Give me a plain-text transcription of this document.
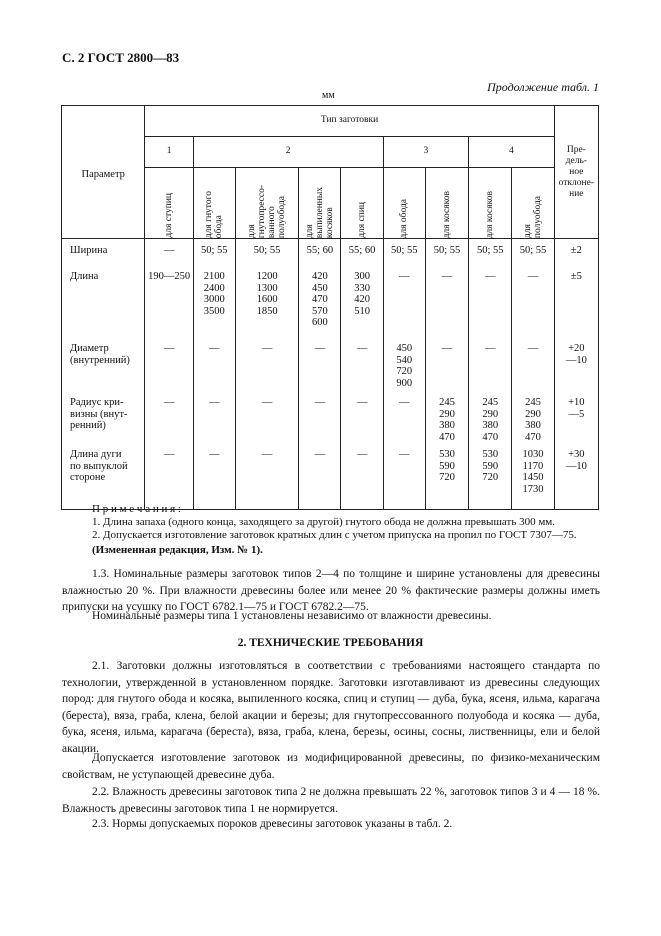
С. 2 ГОСТ 2800—83
Продолжение табл. 1
мм
Параметр	Тип заготовки									Пре-
дель-
ное
отклоне-
ние
	1	2				3		4		

	для ступиц	для гнутого
обода	для
гнутопрессо-
ванного
полуобода	для
выпиленных
косяков	для спиц	для обода	для косяков	для косяков	для
полуобода	

Ширина	—	50; 55	50; 55	55; 60	55; 60	50; 55	50; 55	50; 55	50; 55	±2
Длина	190—250	2100
2400
3000
3500	1200
1300
1600
1850	420
450
470
570
600	300
330
420
510	—	—	—	—	±5
Диаметр
(внутренний)	—	—	—	—	—	450
540
720
900	—	—	—	+20
—10
Радиус кри-
визны (внут-
ренний)	—	—	—	—	—	—	245
290
380
470	245
290
380
470	245
290
380
470	+10
—5
Длина дуги
по выпуклой
стороне	—	—	—	—	—	—	530
590
720	530
590
720	1030
1170
1450
1730	+30
—10

П р и м е ч а н и я :
1. Длина запаха (одного конца, заходящего за другой) гнутого обода не должна превышать 300 мм.
2. Допускается изготовление заготовок кратных длин с учетом припуска на пропил по ГОСТ 7307—75.
(Измененная редакция, Изм. № 1).

1.3. Номинальные размеры заготовок типов 2—4 по толщине и ширине установлены для древесины влажностью 20 %. При влажности древесины более или менее 20 % фактические размеры должны иметь припуски на усушку по ГОСТ 6782.1—75 и ГОСТ 6782.2—75.

Номинальные размеры типа 1 установлены независимо от влажности древесины.

2. ТЕХНИЧЕСКИЕ ТРЕБОВАНИЯ

2.1. Заготовки должны изготовляться в соответствии с требованиями настоящего стандарта по технологии, утвержденной в установленном порядке. Заготовки изготавливают из древесины следующих пород: для гнутого обода и косяка, выпиленного косяка, спиц и ступиц — дуба, бука, ясеня, ильма, карагача (береста), вяза, граба, клена, белой акации и березы; для гнутопрессованного полуобода и косяка — дуба, бука, ясеня, ильма, карагача (береста), вяза, граба, клена, березы, осины, сосны, лиственницы, ели и белой акации.

Допускается изготовление заготовок из модифицированной древесины, по физико-механическим свойствам, не уступающей древесине дуба.

2.2. Влажность древесины заготовок типа 2 не должна превышать 22 %, заготовок типов 3 и 4 — 18 %. Влажность древесины заготовок типа 1 не нормируется.

2.3. Нормы допускаемых пороков древесины заготовок указаны в табл. 2.
